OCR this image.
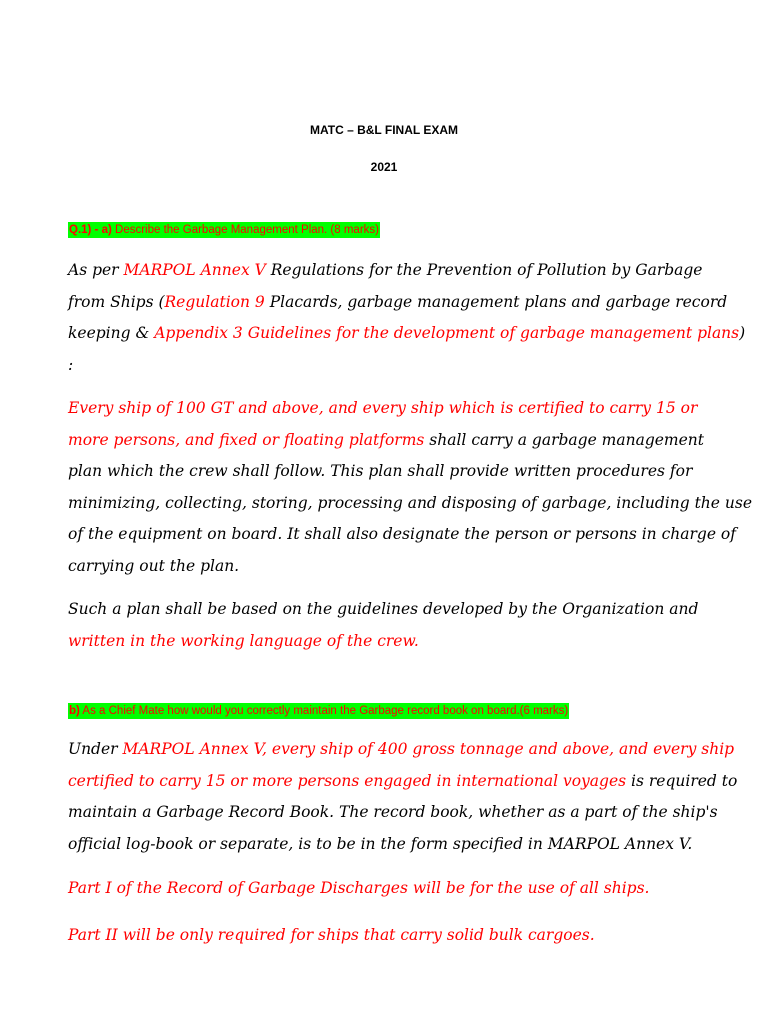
MATC – B&L FINAL EXAM
2021
Q.1) - a) Describe the Garbage Management Plan. (8 marks)
As per MARPOL Annex V Regulations for the Prevention of Pollution by Garbage
from Ships (Regulation 9 Placards, garbage management plans and garbage record
keeping & Appendix 3 Guidelines for the development of garbage management plans)
:
Every ship of 100 GT and above, and every ship which is certified to carry 15 or
more persons, and fixed or floating platforms shall carry a garbage management
plan which the crew shall follow. This plan shall provide written procedures for
minimizing, collecting, storing, processing and disposing of garbage, including the use
of the equipment on board. It shall also designate the person or persons in charge of
carrying out the plan.
Such a plan shall be based on the guidelines developed by the Organization and
written in the working language of the crew.
b) As a Chief Mate how would you correctly maintain the Garbage record book on board.(6 marks)
Under MARPOL Annex V, every ship of 400 gross tonnage and above, and every ship
certified to carry 15 or more persons engaged in international voyages is required to
maintain a Garbage Record Book. The record book, whether as a part of the ship's
official log-book or separate, is to be in the form specified in MARPOL Annex V.
Part I of the Record of Garbage Discharges will be for the use of all ships.
Part II will be only required for ships that carry solid bulk cargoes.
